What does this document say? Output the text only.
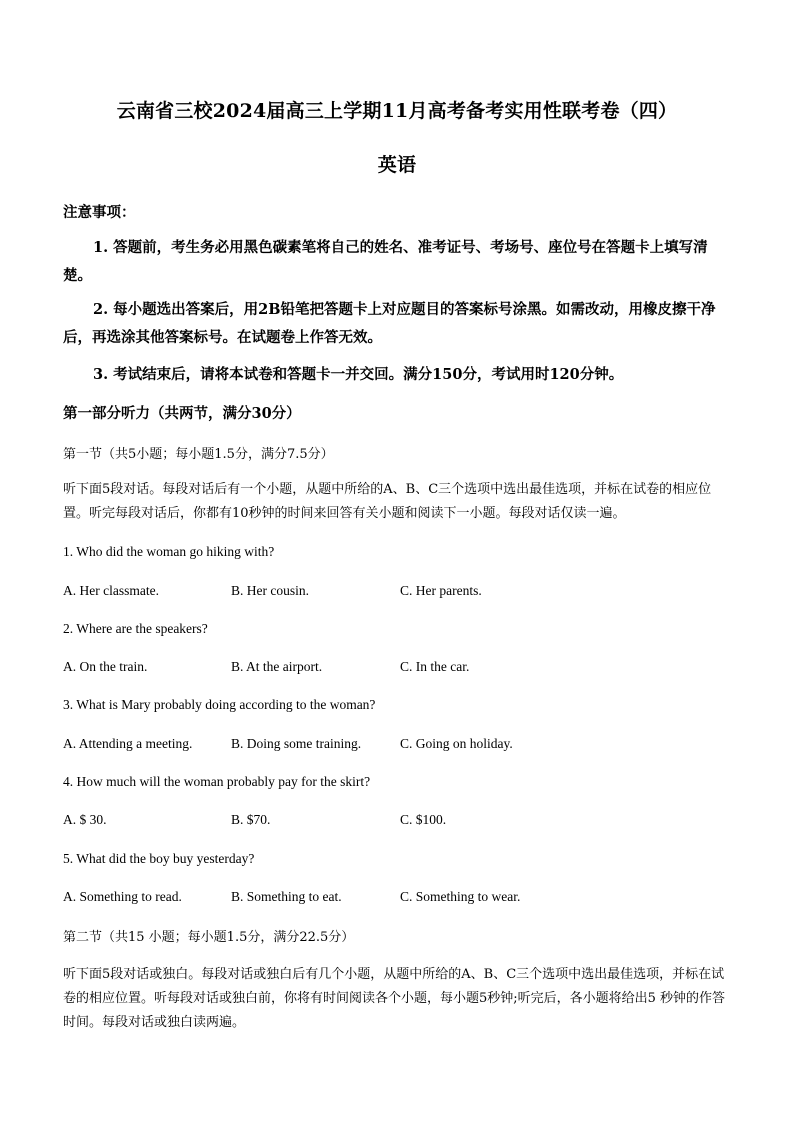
云南省三校2024届高三上学期11月高考备考实用性联考卷（四）
英语
注意事项：
1. 答题前，考生务必用黑色碳素笔将自己的姓名、准考证号、考场号、座位号在答题卡上填写清楚。
2. 每小题选出答案后，用2B铅笔把答题卡上对应题目的答案标号涂黑。如需改动，用橡皮擦干净后，再选涂其他答案标号。在试题卷上作答无效。
3. 考试结束后，请将本试卷和答题卡一并交回。满分150分，考试用时120分钟。
第一部分听力（共两节，满分30分）
第一节（共5小题；每小题1.5分，满分7.5分）
听下面5段对话。每段对话后有一个小题，从题中所给的A、B、C三个选项中选出最佳选项，并标在试卷的相应位置。听完每段对话后，你都有10秒钟的时间来回答有关小题和阅读下一小题。每段对话仅读一遍。
1. Who did the woman go hiking with?
A. Her classmate.	B. Her cousin.	C. Her parents.
2. Where are the speakers?
A. On the train.	B. At the airport.	C. In the car.
3. What is Mary probably doing according to the woman?
A. Attending a meeting.	B. Doing some training.	C. Going on holiday.
4. How much will the woman probably pay for the skirt?
A. $ 30.	B. $70.	C. $100.
5. What did the boy buy yesterday?
A. Something to read.	B. Something to eat.	C. Something to wear.
第二节（共15 小题；每小题1.5分，满分22.5分）
听下面5段对话或独白。每段对话或独白后有几个小题，从题中所给的A、B、C三个选项中选出最佳选项，并标在试卷的相应位置。听每段对话或独白前，你将有时间阅读各个小题，每小题5秒钟;听完后，各小题将给出5 秒钟的作答时间。每段对话或独白读两遍。
